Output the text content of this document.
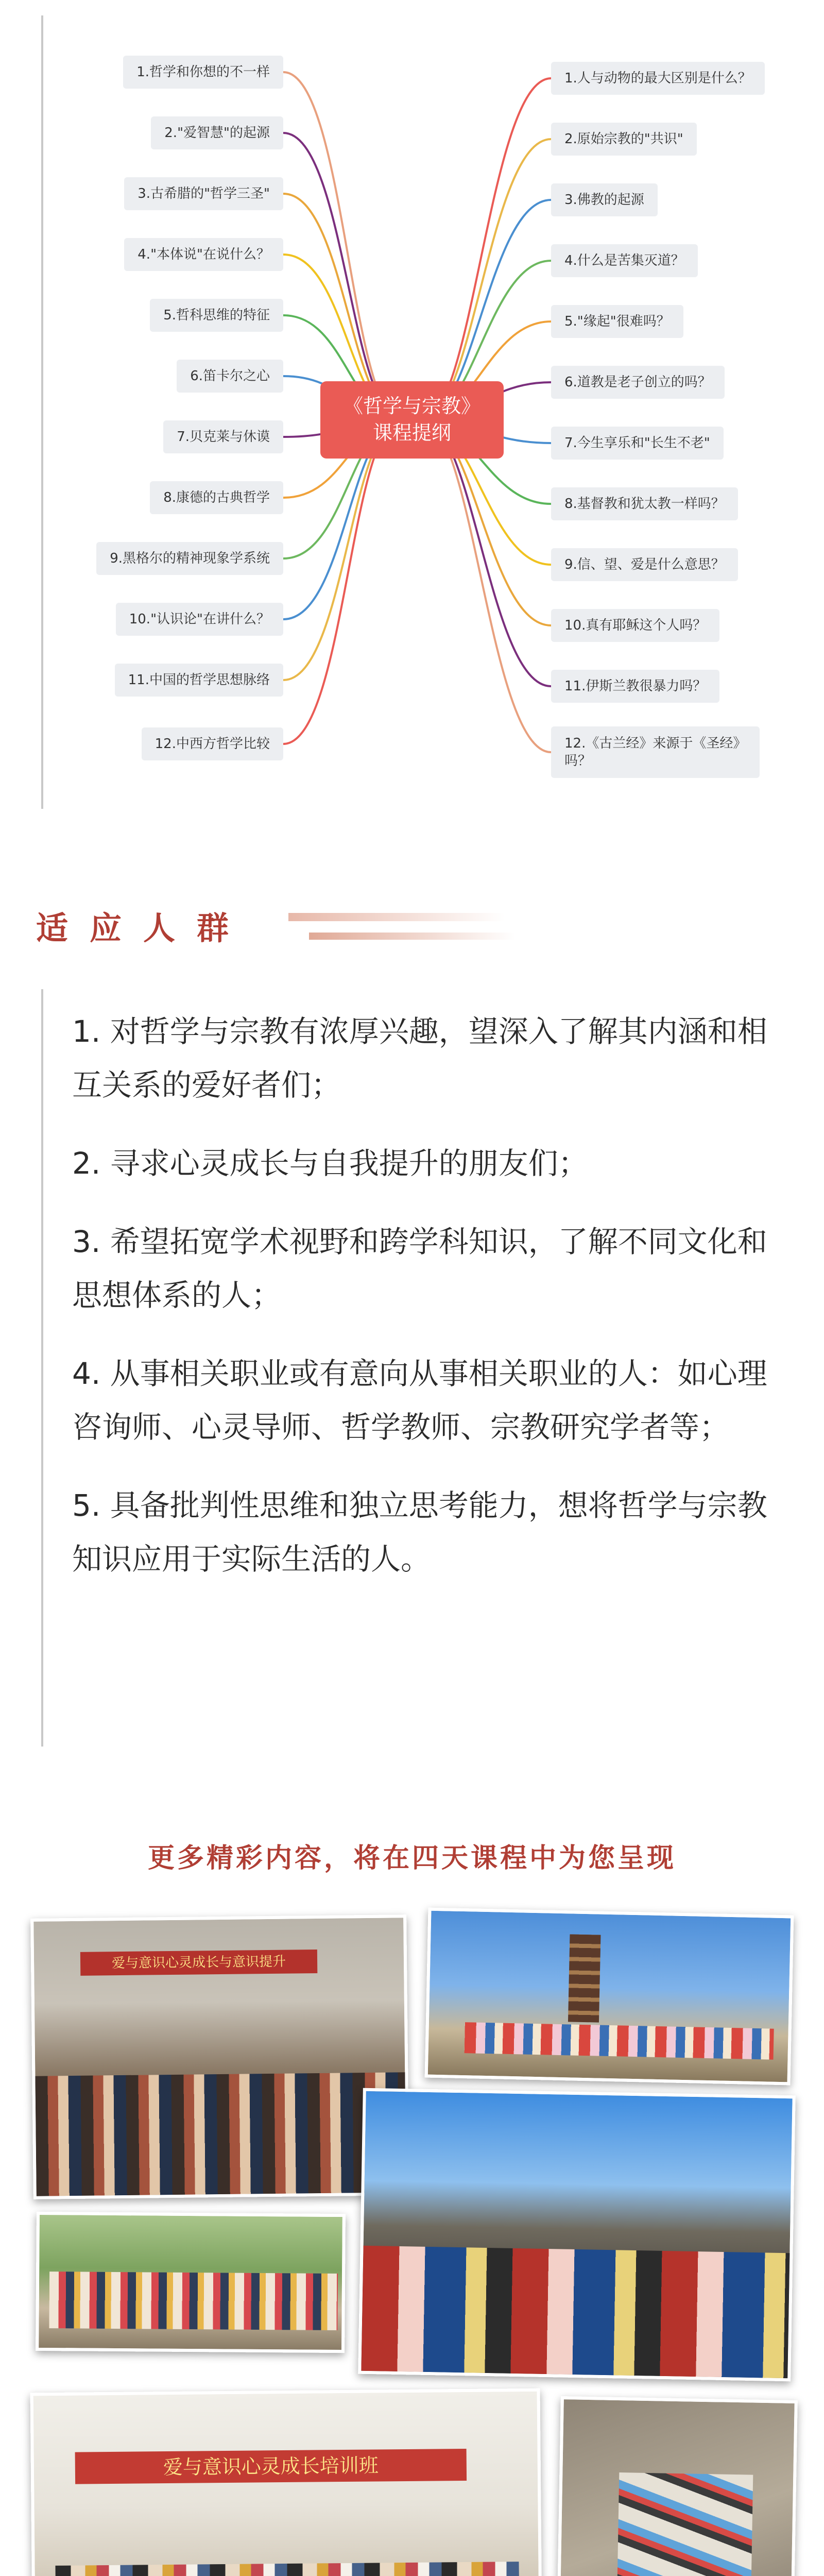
《哲学与宗教》
课程提纲
1.哲学和你想的不一样
2."爱智慧"的起源
3.古希腊的"哲学三圣"
4."本体说"在说什么？
5.哲科思维的特征
6.笛卡尔之心
7.贝克莱与休谟
8.康德的古典哲学
9.黑格尔的精神现象学系统
10."认识论"在讲什么？
11.中国的哲学思想脉络
12.中西方哲学比较
1.人与动物的最大区别是什么？
2.原始宗教的"共识"
3.佛教的起源
4.什么是苦集灭道？
5."缘起"很难吗？
6.道教是老子创立的吗？
7.今生享乐和"长生不老"
8.基督教和犹太教一样吗？
9.信、望、爱是什么意思？
10.真有耶稣这个人吗？
11.伊斯兰教很暴力吗？
12.《古兰经》来源于《圣经》
吗？
适应人群

1. 对哲学与宗教有浓厚兴趣，望深入了解其内涵和相互关系的爱好者们；

2. 寻求心灵成长与自我提升的朋友们；

3. 希望拓宽学术视野和跨学科知识，了解不同文化和思想体系的人；

4. 从事相关职业或有意向从事相关职业的人：如心理咨询师、心灵导师、哲学教师、宗教研究学者等；

5. 具备批判性思维和独立思考能力，想将哲学与宗教知识应用于实际生活的人。

更多精彩内容，将在四天课程中为您呈现
爱与意识心灵成长与意识提升
爱与意识心灵成长培训班
